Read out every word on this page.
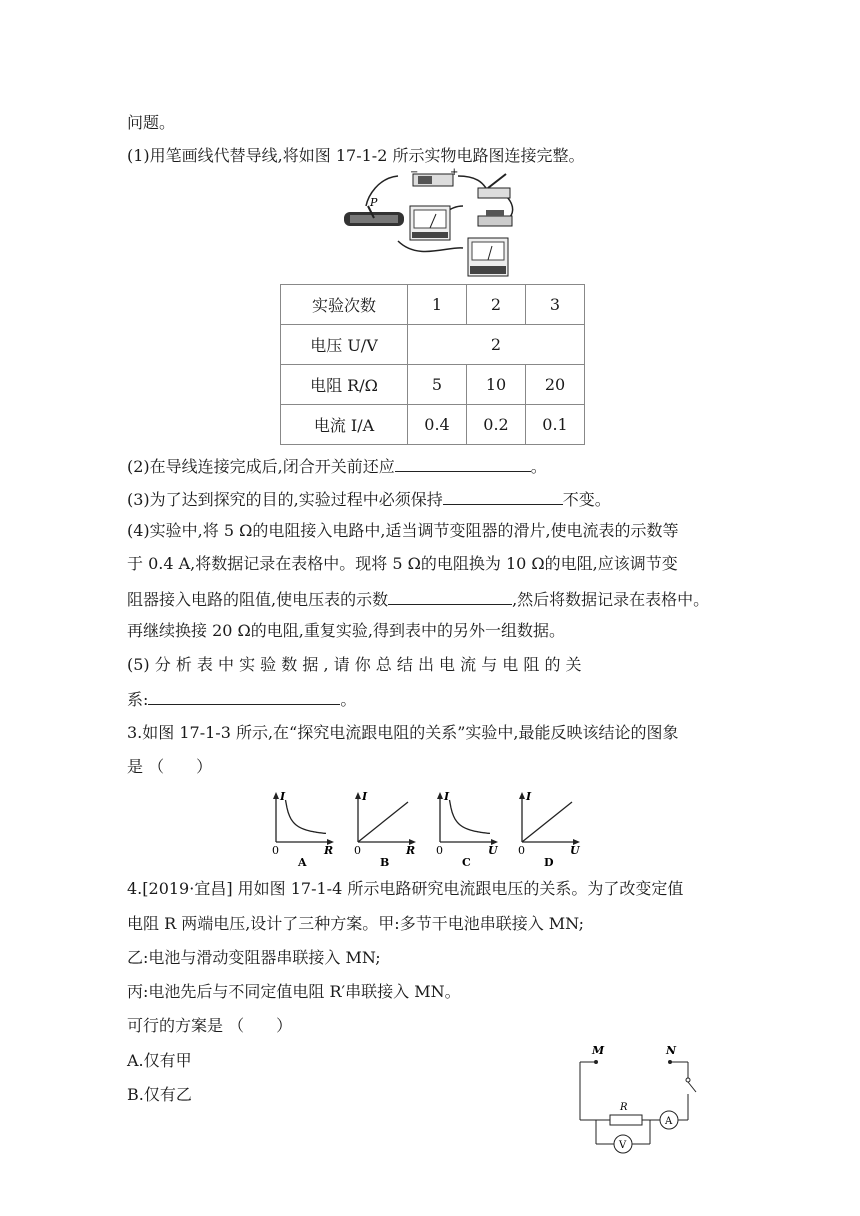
问题。
(1)用笔画线代替导线,将如图 17-1-2 所示实物电路图连接完整。
−	+
P
实验次数	1	2	3
电压 U/V	2		
电阻 R/Ω	5	10	20
电流 I/A	0.4	0.2	0.1
(2)在导线连接完成后,闭合开关前还应	。
(3)为了达到探究的目的,实验过程中必须保持	不变。
(4)实验中,将 5 Ω的电阻接入电路中,适当调节变阻器的滑片,使电流表的示数等
于 0.4 A,将数据记录在表格中。现将 5 Ω的电阻换为 10 Ω的电阻,应该调节变
阻器接入电路的阻值,使电压表的示数	,然后将数据记录在表格中。
再继续换接 20 Ω的电阻,重复实验,得到表中的另外一组数据。
(5) 分 析 表 中 实 验 数 据 , 请 你 总 结 出 电 流 与 电 阻 的 关
系:	。
3.如图 17-1-3 所示,在“探究电流跟电阻的关系”实验中,最能反映该结论的图象
是 （　　）
I
R
0
A
I
R
0
B
I
U
0
C
I
U
0
D
4.[2019·宜昌] 用如图 17-1-4 所示电路研究电流跟电压的关系。为了改变定值
电阻 R 两端电压,设计了三种方案。甲:多节干电池串联接入 MN;
乙:电池与滑动变阻器串联接入 MN;
丙:电池先后与不同定值电阻 R′串联接入 MN。
可行的方案是 （　　）
A.仅有甲
B.仅有乙
M	N
R
A
V
